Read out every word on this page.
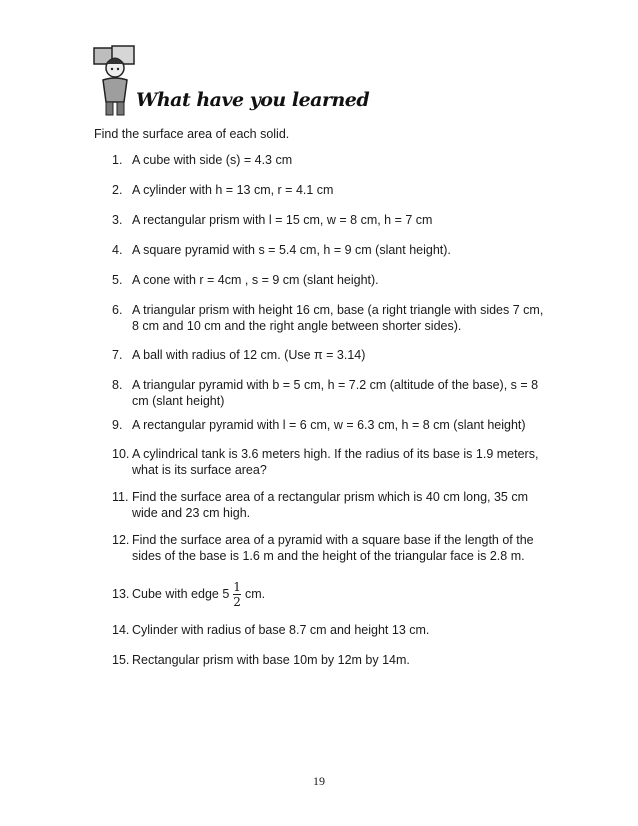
What have you learned
Find the surface area of each solid.
1. A cube with side (s) = 4.3 cm
2. A cylinder with h = 13 cm, r = 4.1 cm
3. A rectangular prism with l = 15 cm, w = 8 cm, h = 7 cm
4. A square pyramid with s = 5.4 cm, h = 9 cm (slant height).
5. A cone with r = 4cm , s = 9 cm (slant height).
6. A triangular prism with height 16 cm, base (a right triangle with sides 7 cm, 8 cm and 10 cm and the right angle between shorter sides).
7. A ball with radius of 12 cm. (Use π = 3.14)
8. A triangular pyramid with b = 5 cm, h = 7.2 cm (altitude of the base), s = 8 cm (slant height)
9. A rectangular pyramid with l = 6 cm, w = 6.3 cm, h = 8 cm (slant height)
10. A cylindrical tank is 3.6 meters high. If the radius of its base is 1.9 meters, what is its surface area?
11. Find the surface area of a rectangular prism which is 40 cm long, 35 cm wide and 23 cm high.
12. Find the surface area of a pyramid with a square base if the length of the sides of the base is 1.6 m and the height of the triangular face is 2.8 m.
13. Cube with edge $5 \frac{1}{2}$ cm.
14. Cylinder with radius of base 8.7 cm and height 13 cm.
15. Rectangular prism with base 10m by 12m by 14m.
19
